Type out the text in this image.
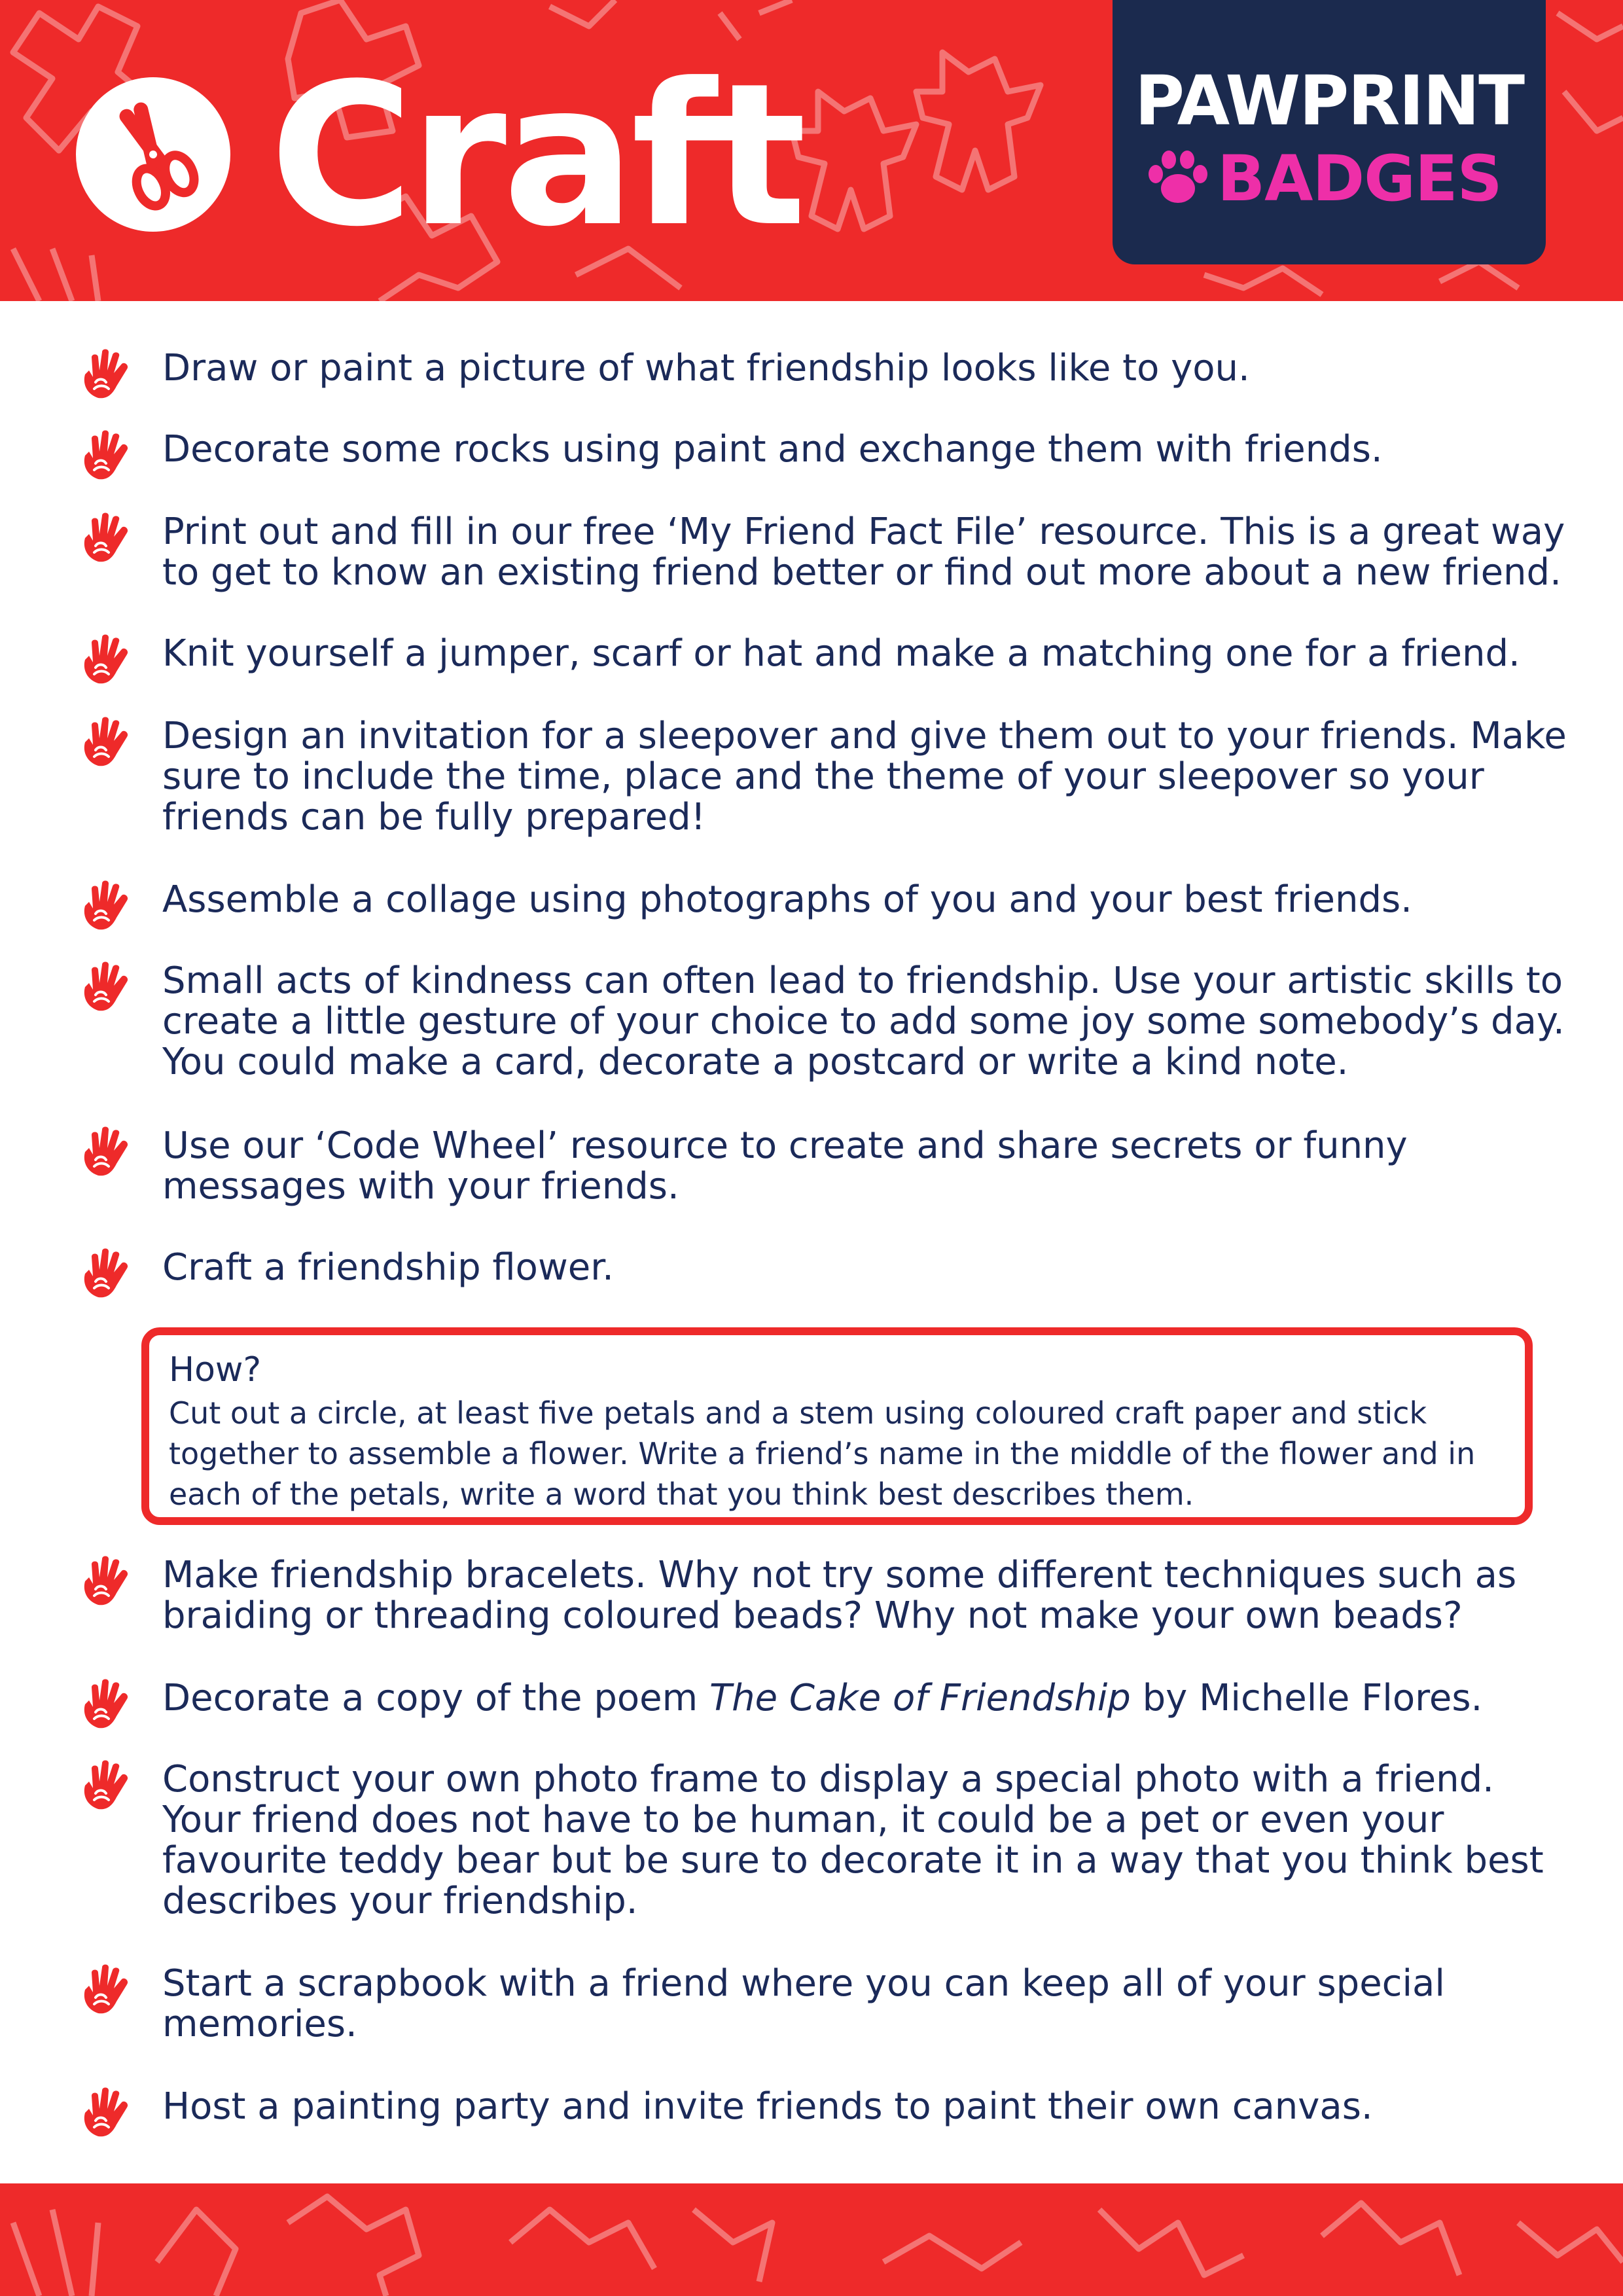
Craft	PAWPRINT
BADGES

Draw or paint a picture of what friendship looks like to you.

Decorate some rocks using paint and exchange them with friends.

Print out and fill in our free ‘My Friend Fact File’ resource. This is a great way
to get to know an existing friend better or find out more about a new friend.

Knit yourself a jumper, scarf or hat and make a matching one for a friend.

Design an invitation for a sleepover and give them out to your friends. Make
sure to include the time, place and the theme of your sleepover so your
friends can be fully prepared!

Assemble a collage using photographs of you and your best friends.

Small acts of kindness can often lead to friendship. Use your artistic skills to
create a little gesture of your choice to add some joy some somebody’s day.
You could make a card, decorate a postcard or write a kind note.

Use our ‘Code Wheel’ resource to create and share secrets or funny
messages with your friends.

Craft a friendship flower.

How?

Cut out a circle, at least five petals and a stem using coloured craft paper and stick
together to assemble a flower. Write a friend’s name in the middle of the flower and in
each of the petals, write a word that you think best describes them.

Make friendship bracelets. Why not try some different techniques such as
braiding or threading coloured beads? Why not make your own beads?

Decorate a copy of the poem The Cake of Friendship by Michelle Flores.

Construct your own photo frame to display a special photo with a friend.
Your friend does not have to be human, it could be a pet or even your
favourite teddy bear but be sure to decorate it in a way that you think best
describes your friendship.

Start a scrapbook with a friend where you can keep all of your special
memories.

Host a painting party and invite friends to paint their own canvas.
